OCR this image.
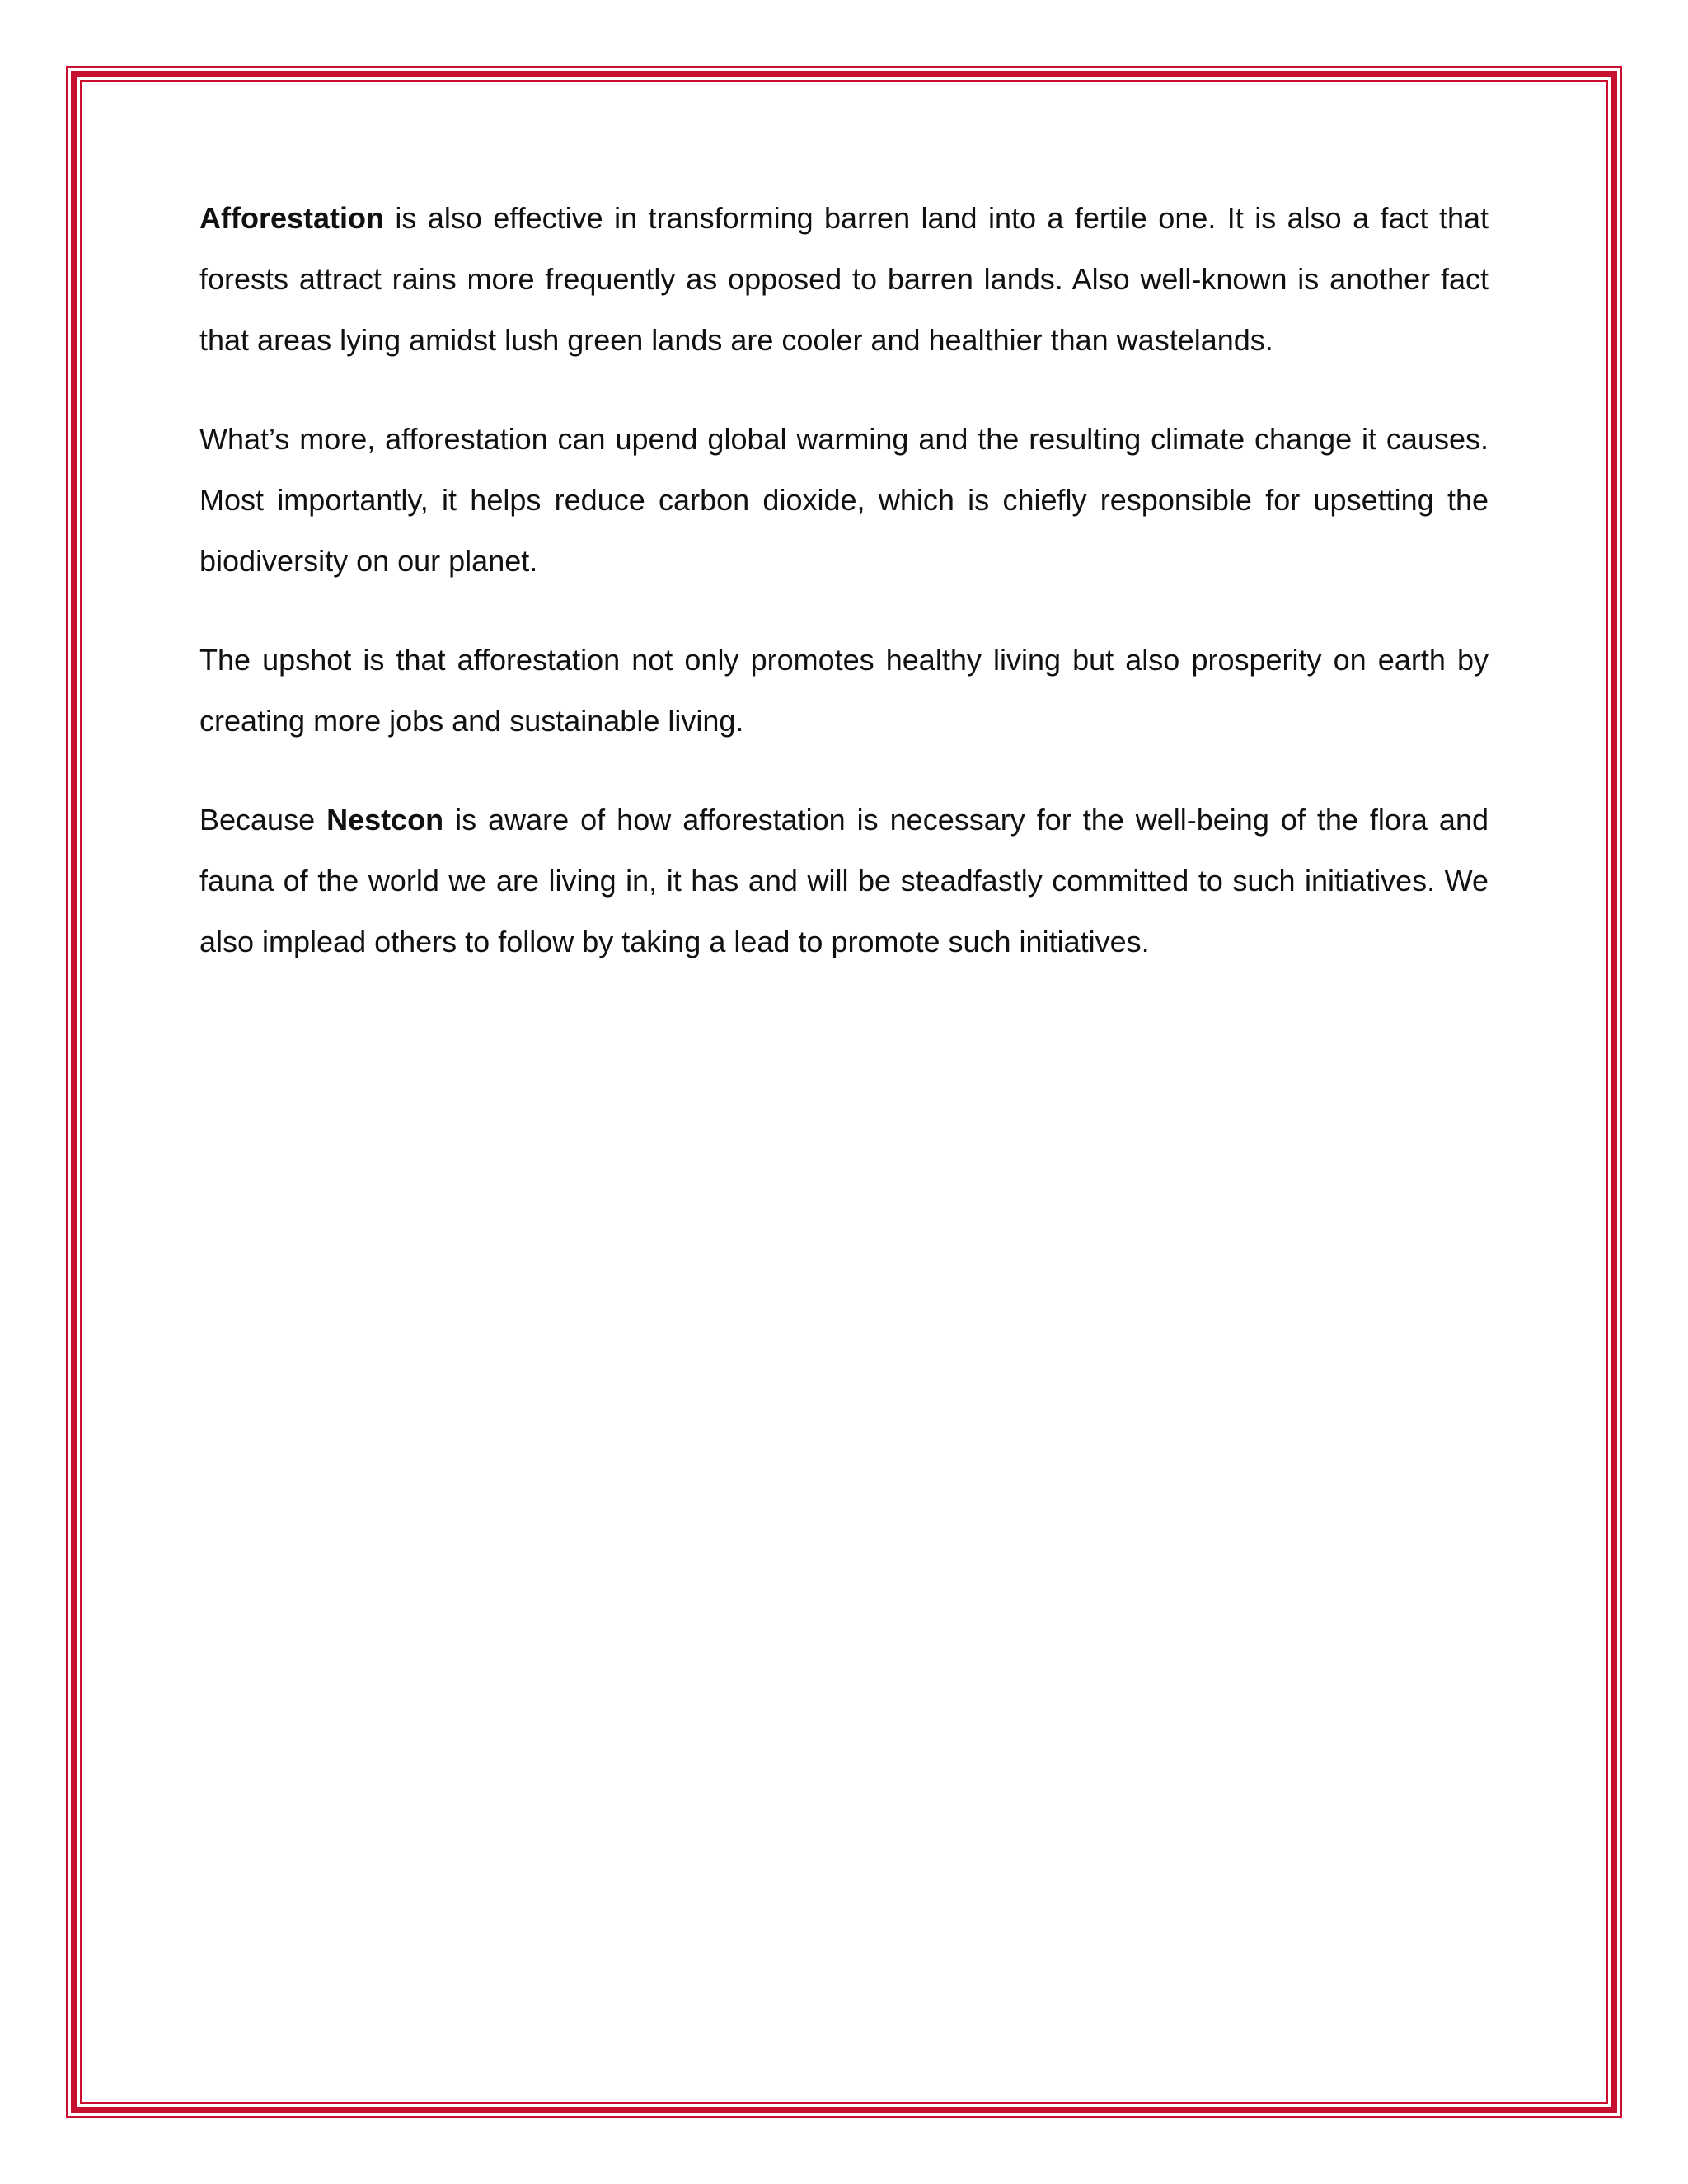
Afforestation is also effective in transforming barren land into a fertile one. It is also a fact that forests attract rains more frequently as opposed to barren lands. Also well-known is another fact that areas lying amidst lush green lands are cooler and healthier than wastelands.

What’s more, afforestation can upend global warming and the resulting climate change it causes. Most importantly, it helps reduce carbon dioxide, which is chiefly responsible for upsetting the biodiversity on our planet.

The upshot is that afforestation not only promotes healthy living but also prosperity on earth by creating more jobs and sustainable living.

Because Nestcon is aware of how afforestation is necessary for the well-being of the flora and fauna of the world we are living in, it has and will be steadfastly committed to such initiatives. We also implead others to follow by taking a lead to promote such initiatives.
